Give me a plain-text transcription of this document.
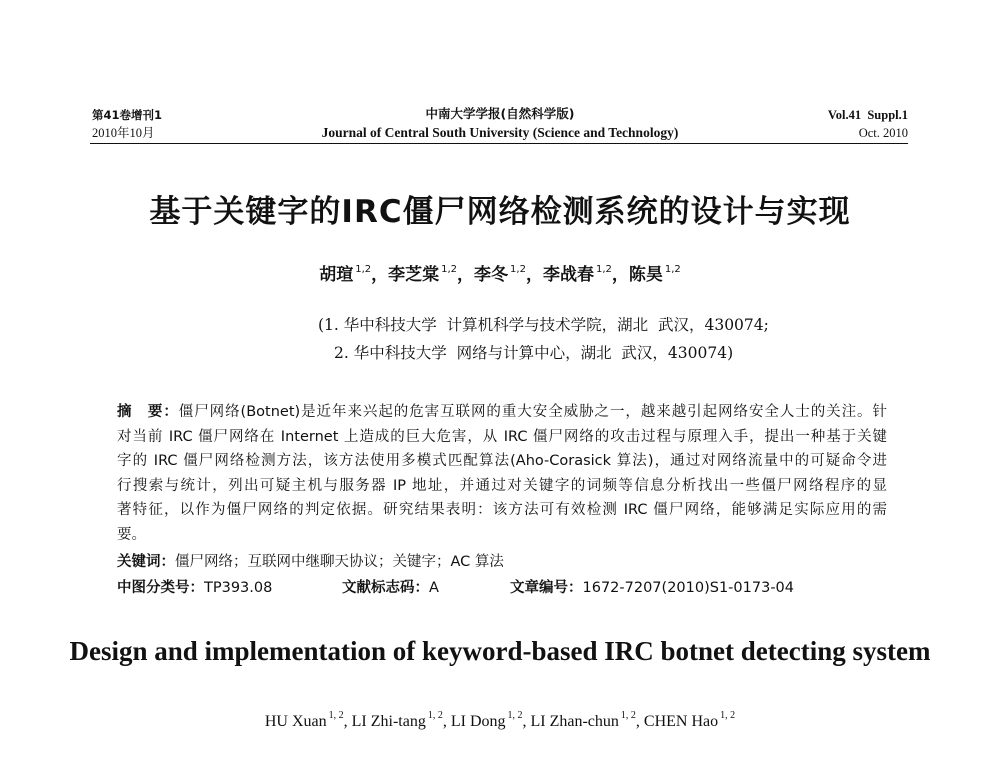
第41卷增刊1
2010年10月
中南大学学报(自然科学版)
Journal of Central South University (Science and Technology)
Vol.41  Suppl.1
Oct. 2010
基于关键字的IRC僵尸网络检测系统的设计与实现
胡瑄 $^{1,2}$，李芝棠 $^{1,2}$，李冬 $^{1,2}$，李战春 $^{1,2}$，陈昊 $^{1,2}$
(1. 华中科技大学  计算机科学与技术学院，湖北  武汉，430074;
2. 华中科技大学  网络与计算中心，湖北  武汉，430074)
摘　要：僵尸网络(Botnet)是近年来兴起的危害互联网的重大安全威胁之一，越来越引起网络安全人士的关注。针
对当前 IRC 僵尸网络在 Internet 上造成的巨大危害，从 IRC 僵尸网络的攻击过程与原理入手，提出一种基于关键
字的 IRC 僵尸网络检测方法，该方法使用多模式匹配算法(Aho-Corasick 算法)，通过对网络流量中的可疑命令进
行搜索与统计，列出可疑主机与服务器 IP 地址，并通过对关键字的词频等信息分析找出一些僵尸网络程序的显
著特征，以作为僵尸网络的判定依据。研究结果表明：该方法可有效检测 IRC 僵尸网络，能够满足实际应用的需
要。
关键词：僵尸网络；互联网中继聊天协议；关键字；AC 算法
中图分类号：TP393.08	文献标志码：A	文章编号：1672-7207(2010)S1-0173-04
Design and implementation of keyword-based IRC botnet detecting system
HU Xuan $^{1, 2}$, LI Zhi-tang $^{1, 2}$, LI Dong $^{1, 2}$, LI Zhan-chun $^{1, 2}$, CHEN Hao $^{1, 2}$
